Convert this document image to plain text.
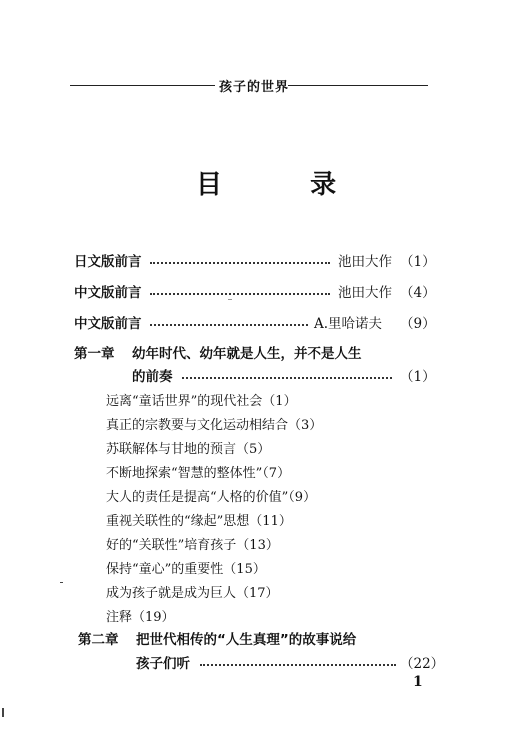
孩子的世界
目	录
日文版前言	池田大作 （1）
中文版前言	池田大作 （4）
中文版前言	A.里哈诺夫 （9）
第一章 幼年时代、幼年就是人生，并不是人生
的前奏	（1）
远离“童话世界”的现代社会（1）
真正的宗教要与文化运动相结合（3）
苏联解体与甘地的预言（5）
不断地探索“智慧的整体性”（7）
大人的责任是提高“人格的价值”（9）
重视关联性的“缘起”思想（11）
好的“关联性”培育孩子（13）
保持“童心”的重要性（15）
成为孩子就是成为巨人（17）
注释（19）
第二章 把世代相传的“人生真理”的故事说给
孩子们听	（22）
1
